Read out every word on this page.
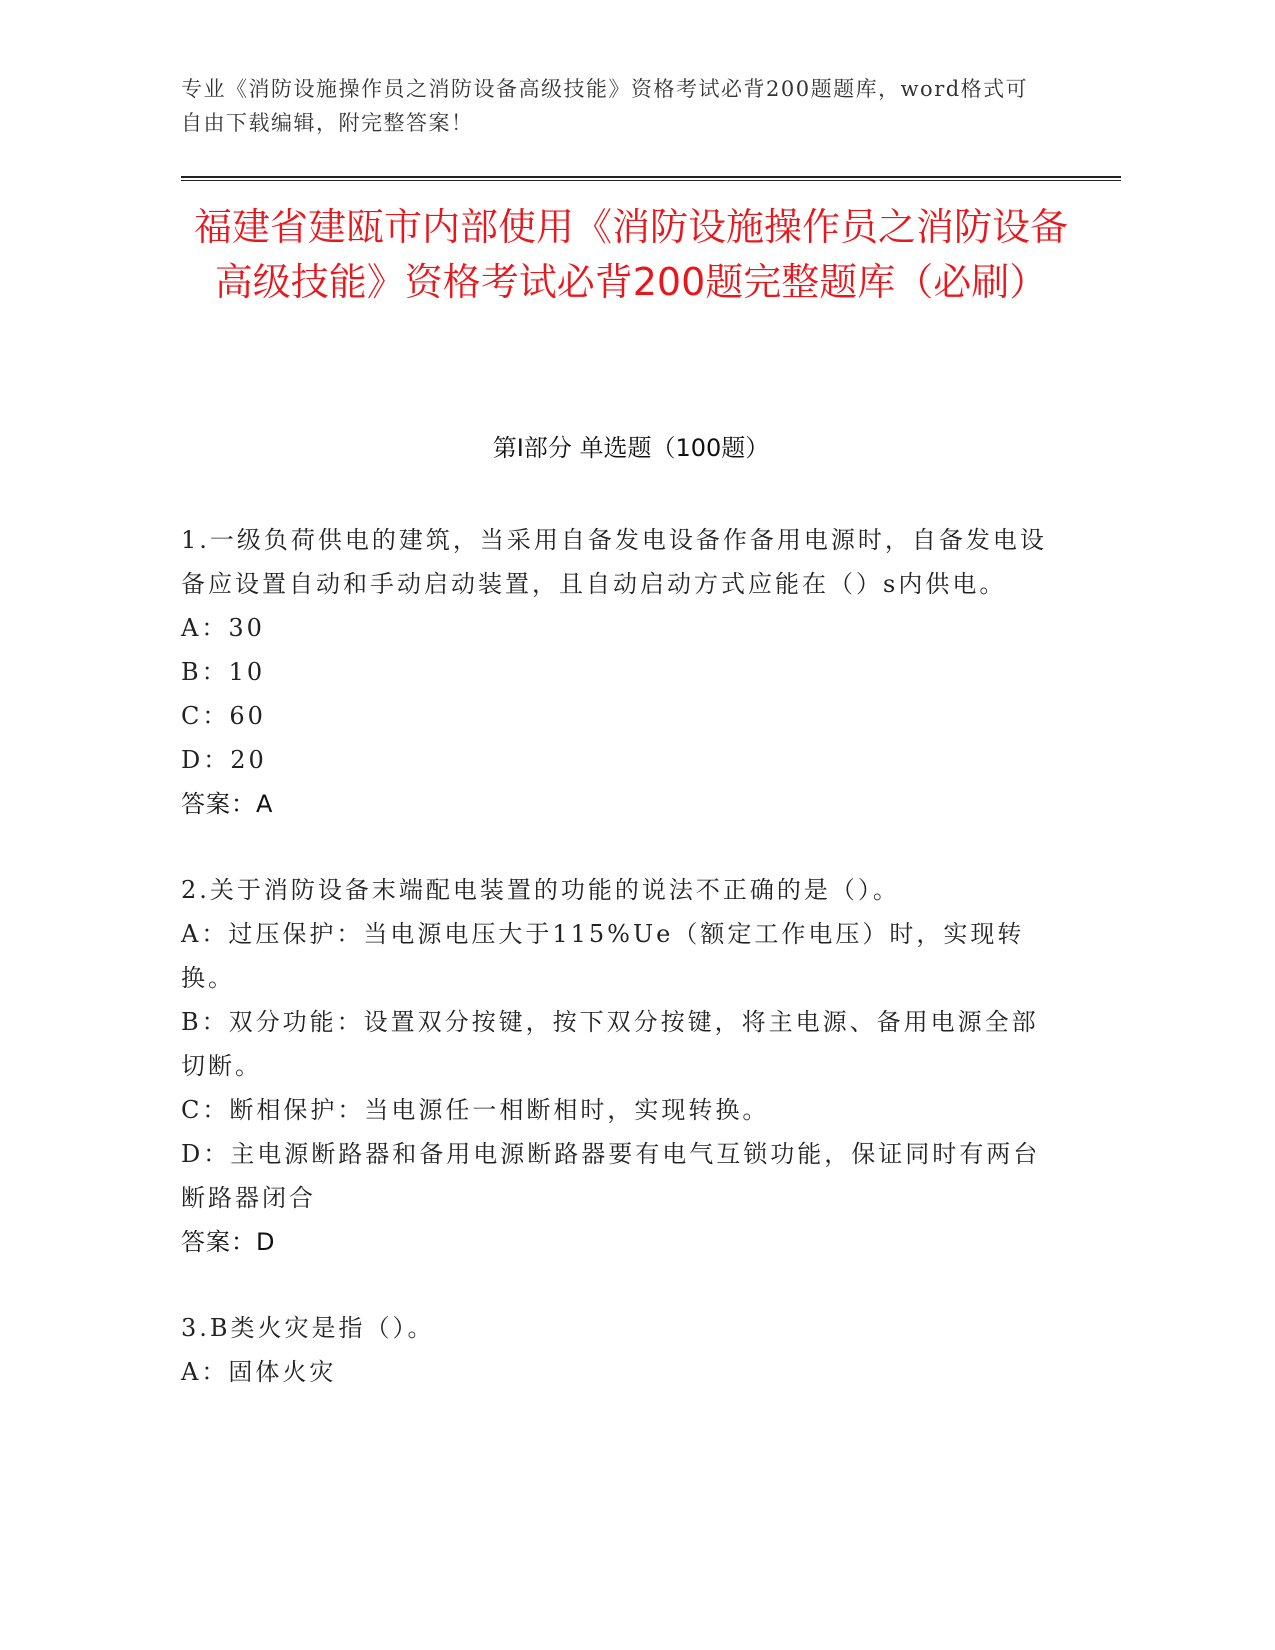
专业《消防设施操作员之消防设备高级技能》资格考试必背200题题库，word格式可自由下载编辑，附完整答案！
福建省建瓯市内部使用《消防设施操作员之消防设备高级技能》资格考试必背200题完整题库（必刷）
第Ⅰ部分 单选题（100题）

1.一级负荷供电的建筑，当采用自备发电设备作备用电源时，自备发电设备应设置自动和手动启动装置，且自动启动方式应能在（）s内供电。

A：30

B：10

C：60

D：20

答案：A

2.关于消防设备末端配电装置的功能的说法不正确的是（）。

A：过压保护：当电源电压大于115%Ue（额定工作电压）时，实现转换。

B：双分功能：设置双分按键，按下双分按键，将主电源、备用电源全部切断。

C：断相保护：当电源任一相断相时，实现转换。

D：主电源断路器和备用电源断路器要有电气互锁功能，保证同时有两台断路器闭合

答案：D

3.B类火灾是指（）。

A：固体火灾
